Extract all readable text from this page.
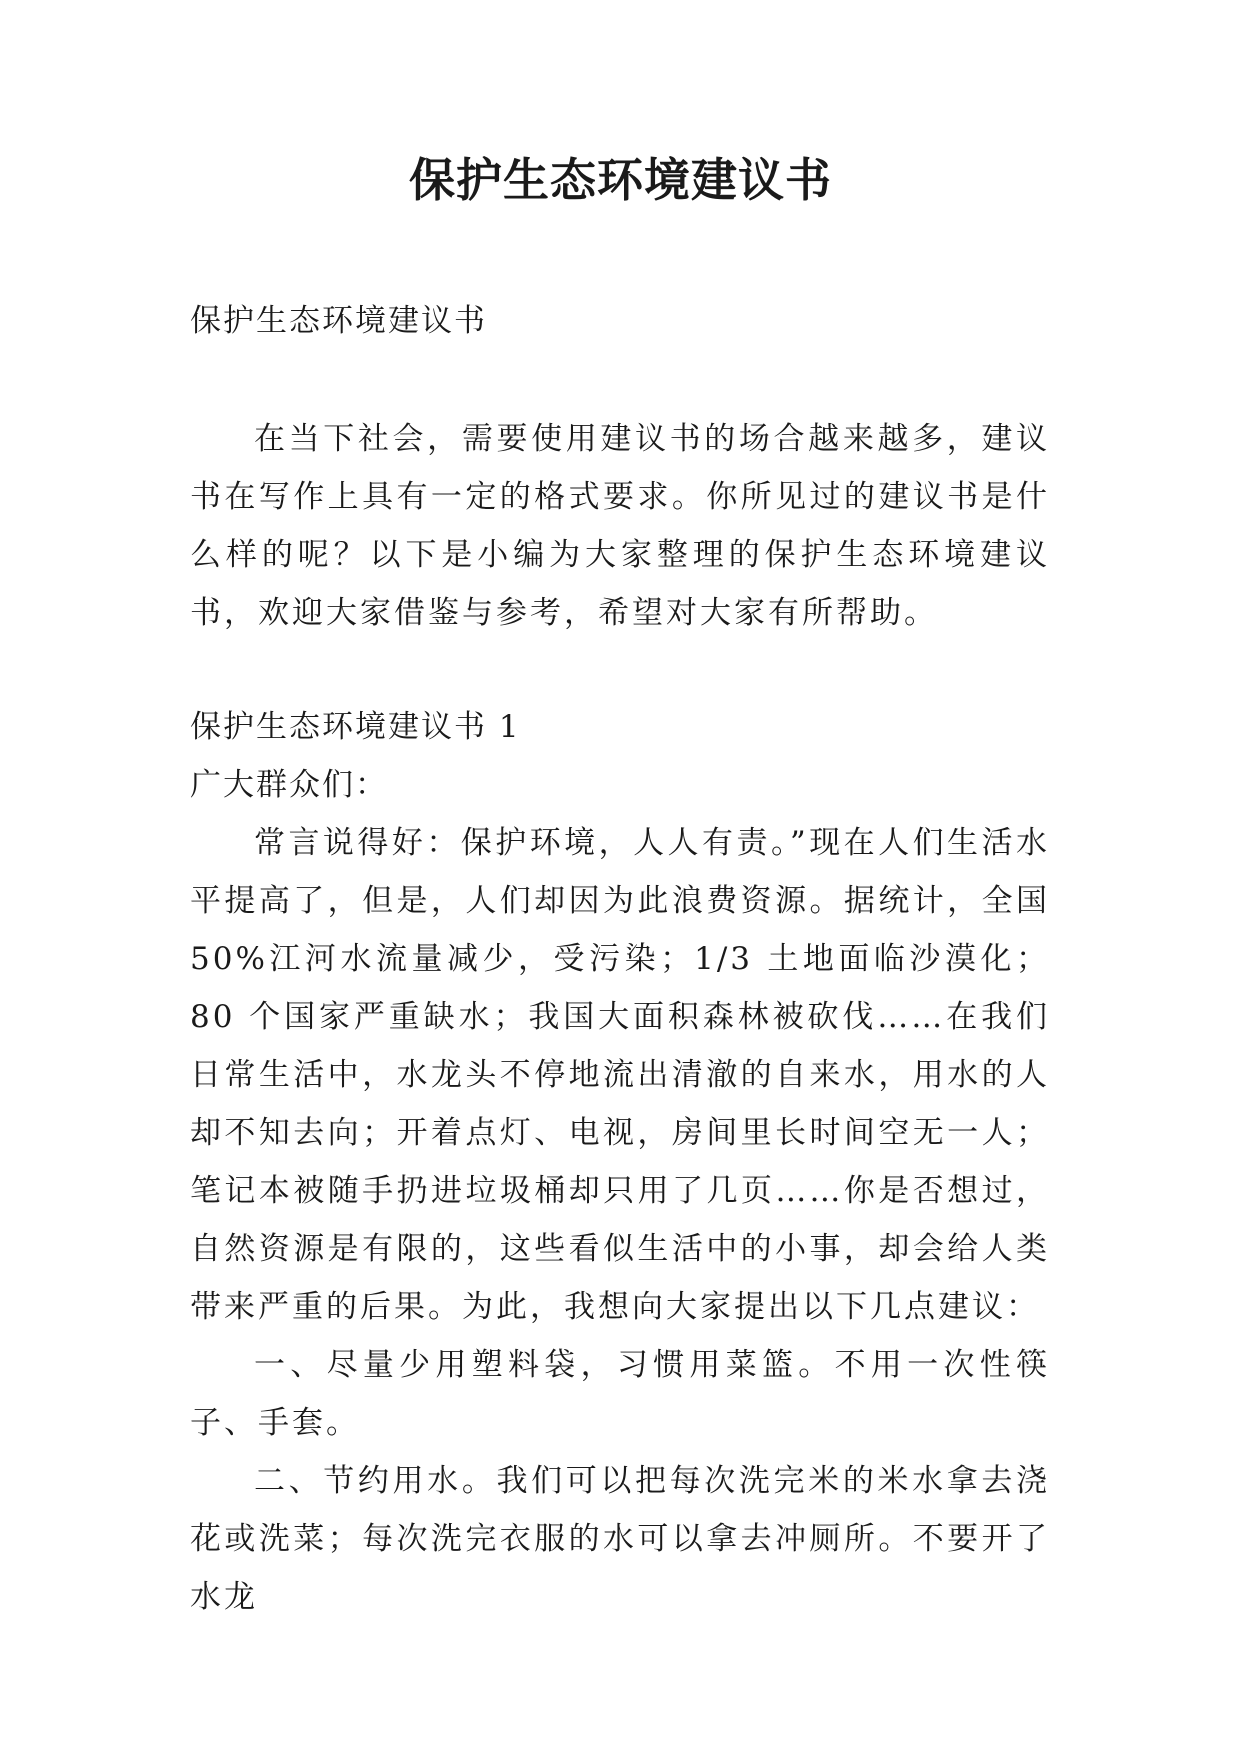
保护生态环境建议书

保护生态环境建议书

在当下社会，需要使用建议书的场合越来越多，建议书在写作上具有一定的格式要求。你所见过的建议书是什么样的呢？以下是小编为大家整理的保护生态环境建议书，欢迎大家借鉴与参考，希望对大家有所帮助。

保护生态环境建议书 1

广大群众们：

常言说得好：保护环境，人人有责。”现在人们生活水平提高了，但是，人们却因为此浪费资源。据统计，全国 50%江河水流量减少，受污染；1/3 土地面临沙漠化；80 个国家严重缺水；我国大面积森林被砍伐……在我们日常生活中，水龙头不停地流出清澈的自来水，用水的人却不知去向；开着点灯、电视，房间里长时间空无一人；笔记本被随手扔进垃圾桶却只用了几页……你是否想过，自然资源是有限的，这些看似生活中的小事，却会给人类带来严重的后果。为此，我想向大家提出以下几点建议：

一、尽量少用塑料袋，习惯用菜篮。不用一次性筷子、手套。

二、节约用水。我们可以把每次洗完米的米水拿去浇花或洗菜；每次洗完衣服的水可以拿去冲厕所。不要开了水龙
